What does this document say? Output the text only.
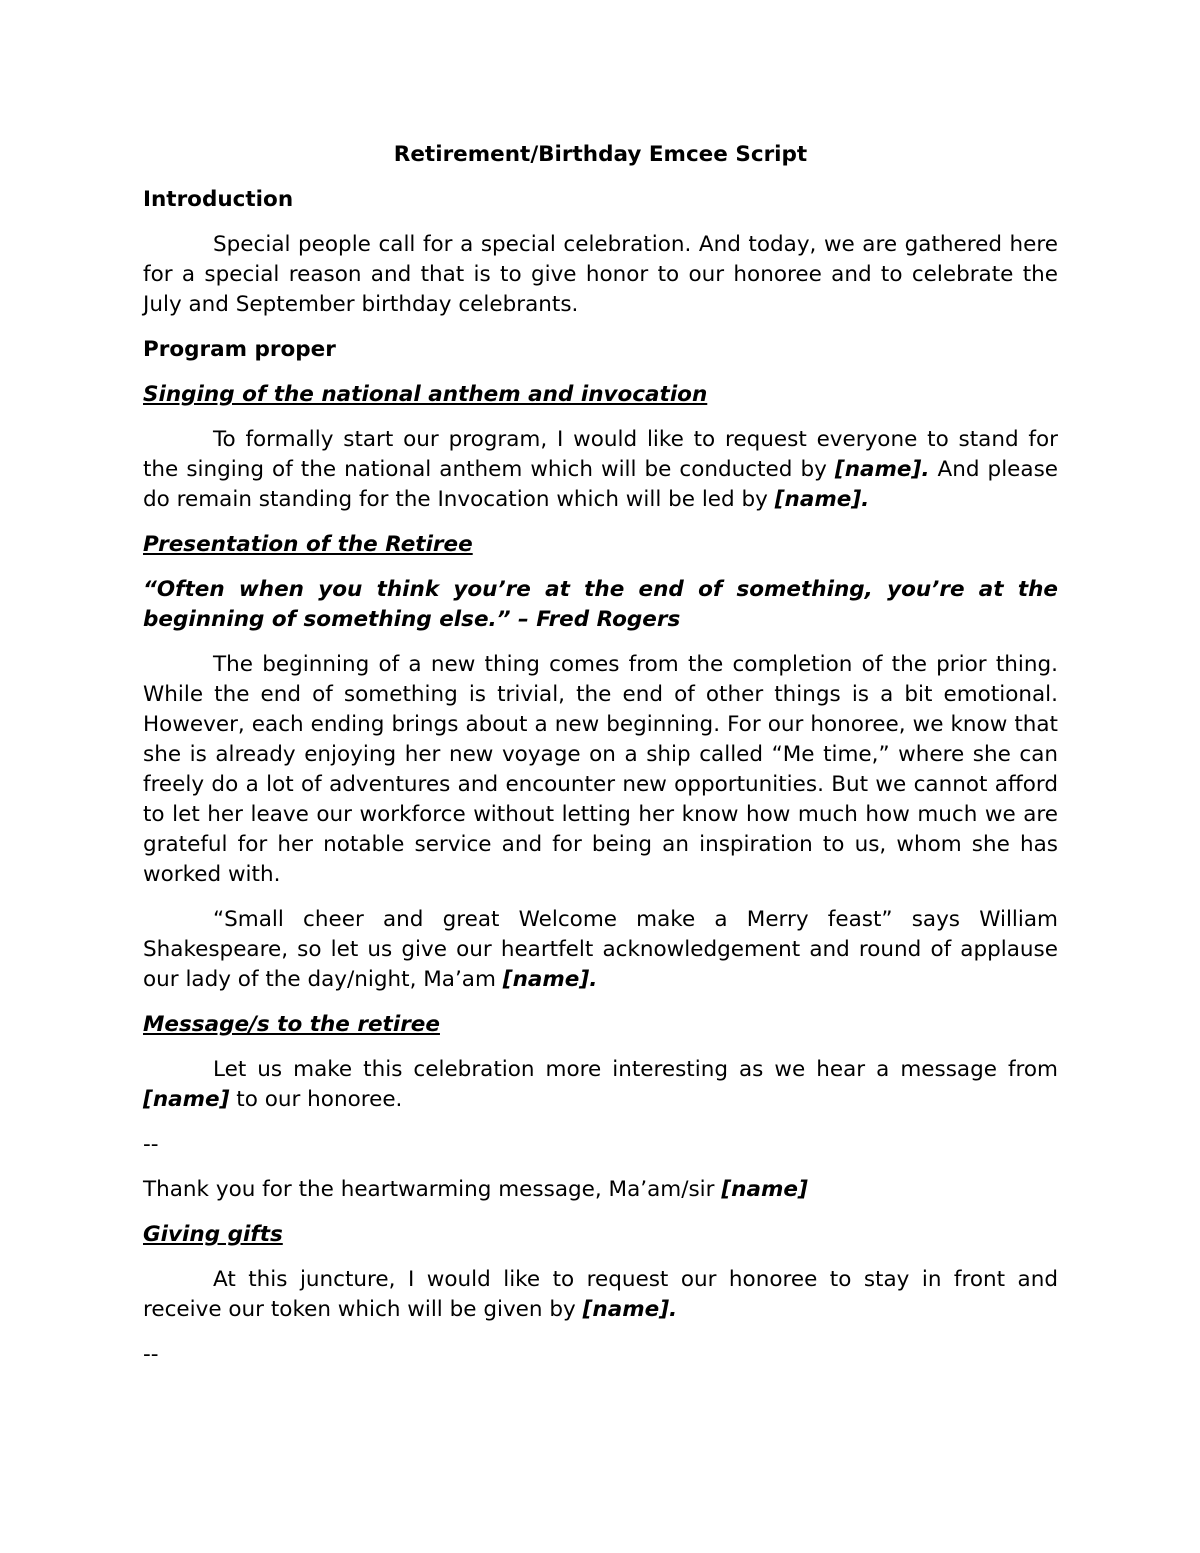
Retirement/Birthday Emcee Script

Introduction

Special people call for a special celebration. And today, we are gathered here for a special reason and that is to give honor to our honoree and to celebrate the July and September birthday celebrants.

Program proper

Singing of the national anthem and invocation

To formally start our program, I would like to request everyone to stand for the singing of the national anthem which will be conducted by [name]. And please do remain standing for the Invocation which will be led by [name].

Presentation of the Retiree

“Often when you think you’re at the end of something, you’re at the beginning of something else.” – Fred Rogers

The beginning of a new thing comes from the completion of the prior thing. While the end of something is trivial, the end of other things is a bit emotional. However, each ending brings about a new beginning. For our honoree, we know that she is already enjoying her new voyage on a ship called “Me time,” where she can freely do a lot of adventures and encounter new opportunities. But we cannot afford to let her leave our workforce without letting her know how much how much we are grateful for her notable service and for being an inspiration to us, whom she has worked with.

“Small cheer and great Welcome make a Merry feast” says William Shakespeare, so let us give our heartfelt acknowledgement and round of applause our lady of the day/night, Ma’am [name].

Message/s to the retiree

Let us make this celebration more interesting as we hear a message from [name] to our honoree.

--

Thank you for the heartwarming message, Ma’am/sir [name]

Giving gifts

At this juncture, I would like to request our honoree to stay in front and receive our token which will be given by [name].

--
